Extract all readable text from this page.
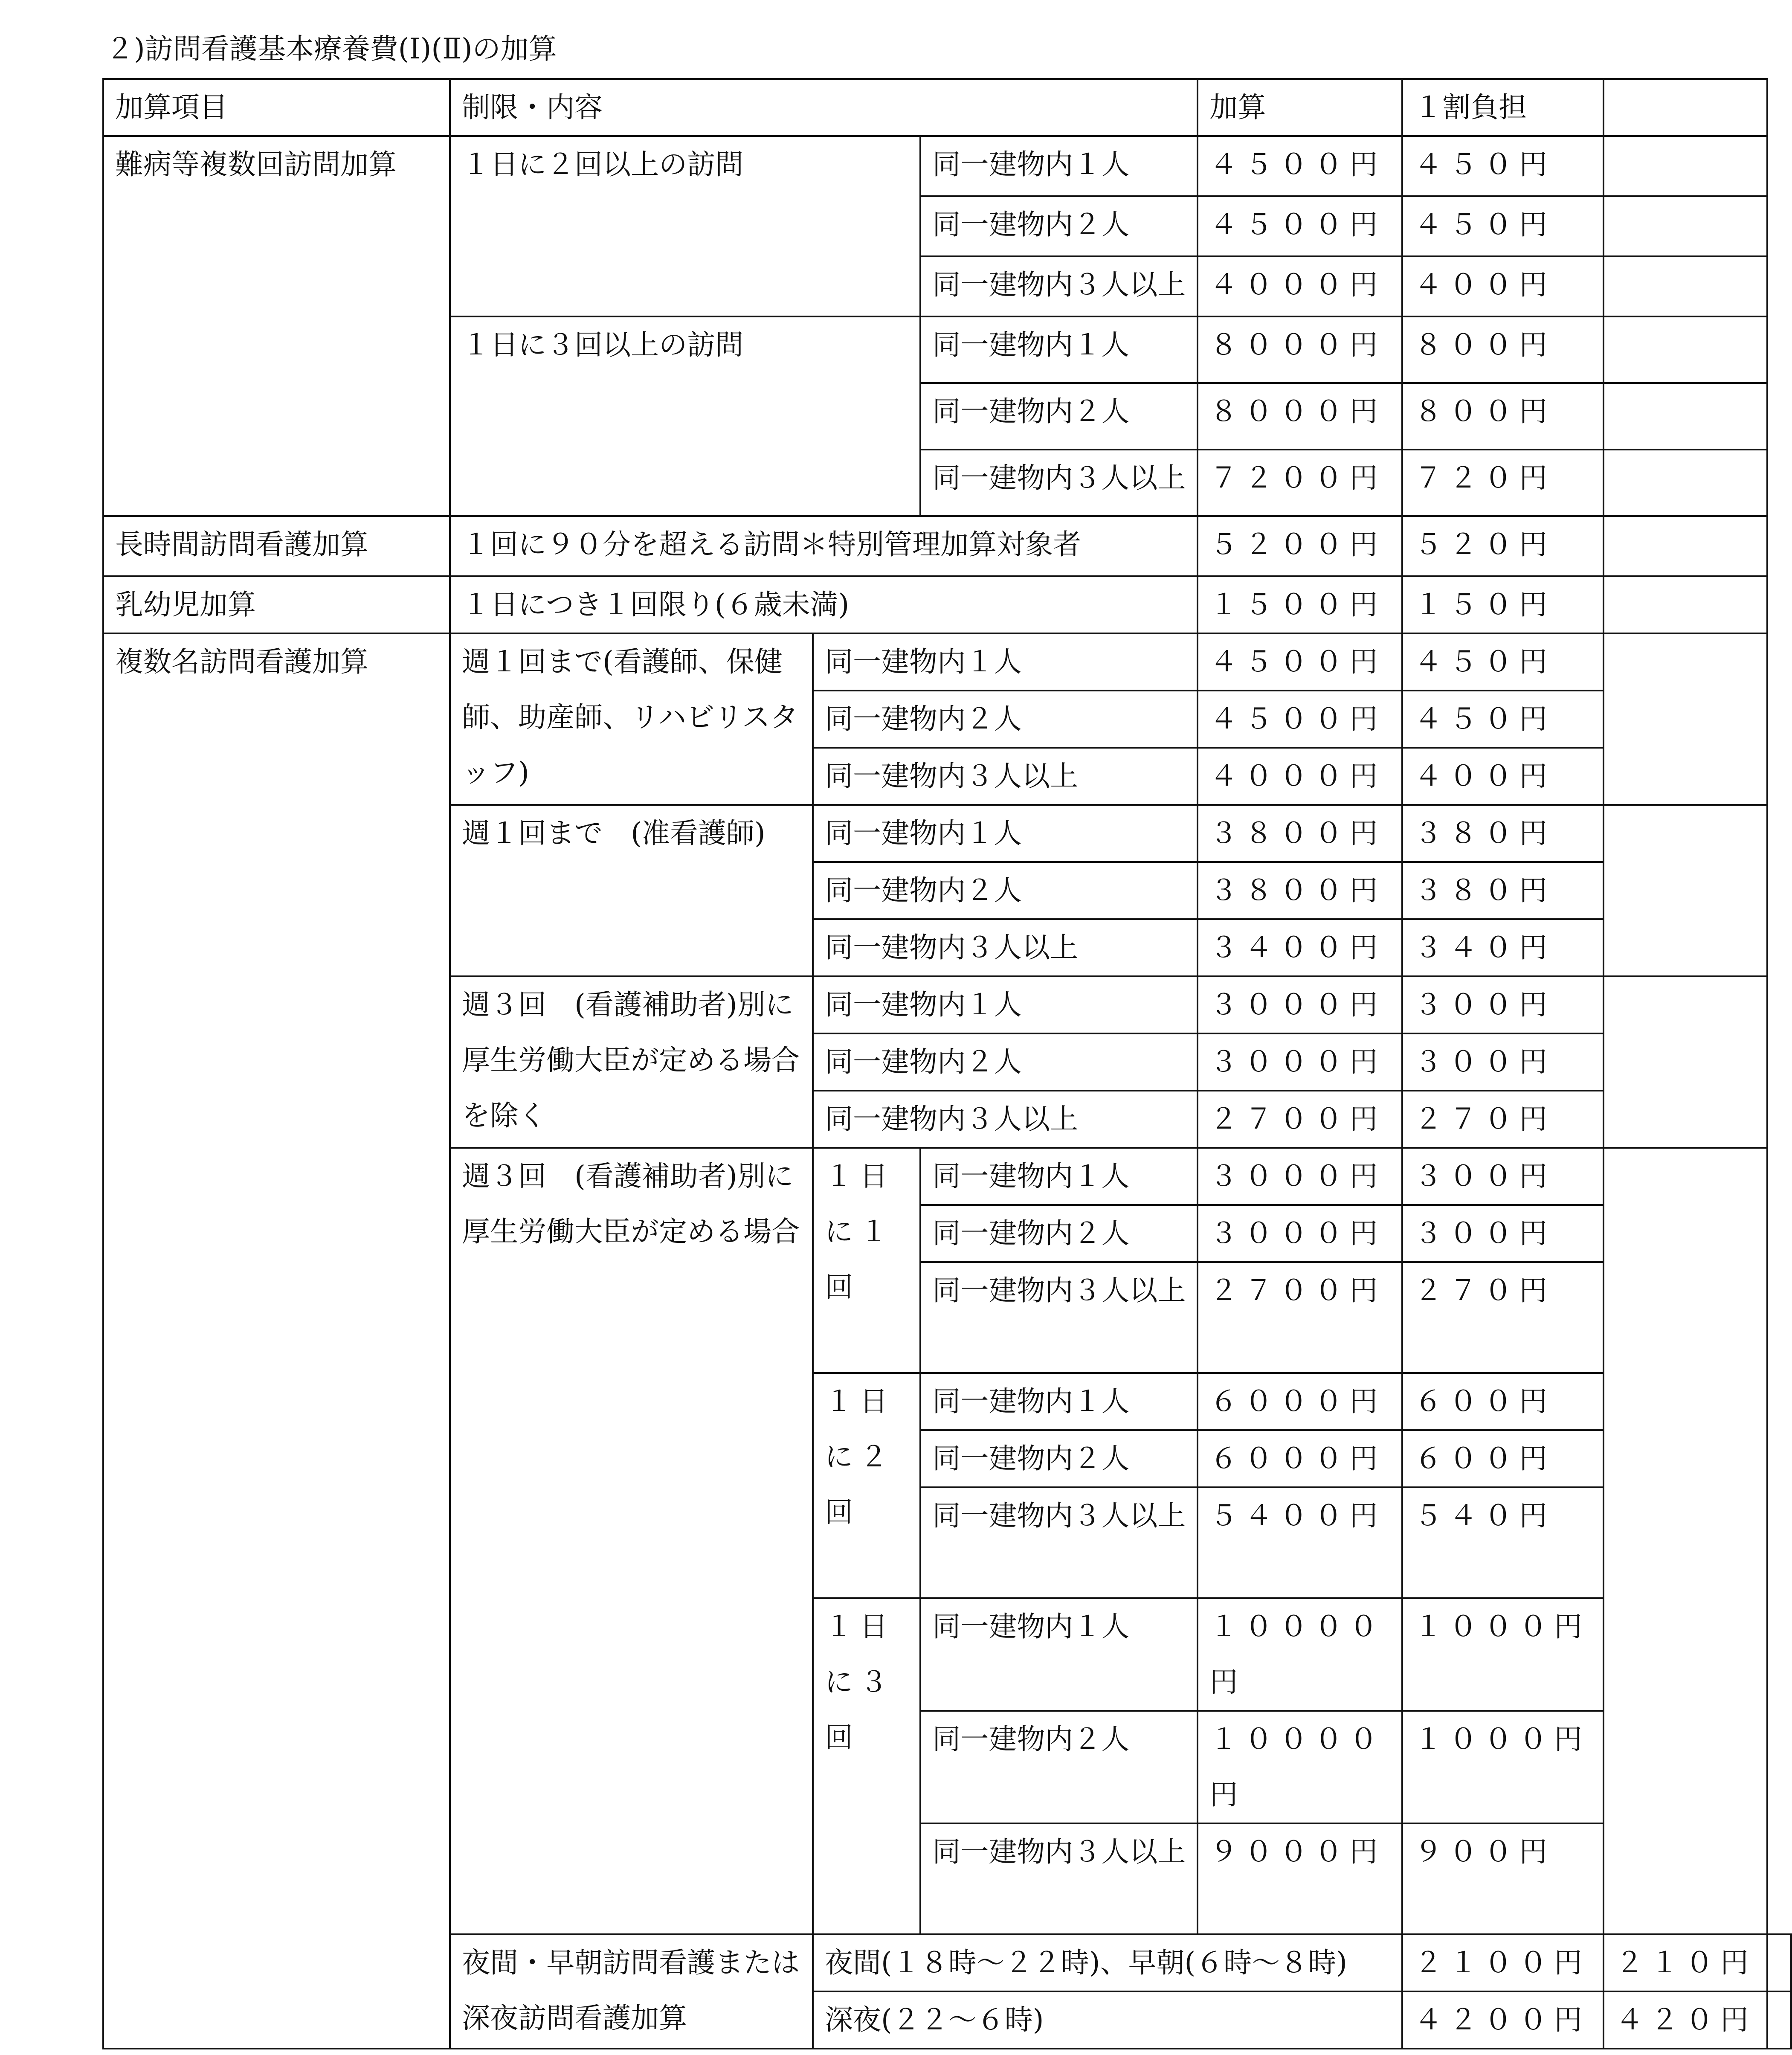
２)訪問看護基本療養費(Ⅰ)(Ⅱ)の加算
加算項目	制限・内容			加算	１割負担		
難病等複数回訪問加算	１日に２回以上の訪問		同一建物内１人	４５００円	４５０円		
			同一建物内２人	４５００円	４５０円		
			同一建物内３人以上	４０００円	４００円		
	１日に３回以上の訪問		同一建物内１人	８０００円	８００円		
			同一建物内２人	８０００円	８００円		
			同一建物内３人以上	７２００円	７２０円		
長時間訪問看護加算	１回に９０分を超える訪問＊特別管理加算対象者			５２００円	５２０円		
乳幼児加算	１日につき１回限り(６歳未満)			１５００円	１５０円		
複数名訪問看護加算	週１回まで(看護師、保健師、助産師、リハビリスタッフ)	同一建物内１人		４５００円	４５０円		
		同一建物内２人		４５００円	４５０円		
		同一建物内３人以上		４０００円	４００円		
	週１回まで　(准看護師)	同一建物内１人		３８００円	３８０円		
		同一建物内２人		３８００円	３８０円		
		同一建物内３人以上		３４００円	３４０円		
	週３回　(看護補助者)別に厚生労働大臣が定める場合を除く	同一建物内１人		３０００円	３００円		
		同一建物内２人		３０００円	３００円		
		同一建物内３人以上		２７００円	２７０円		
	週３回　(看護補助者)別に厚生労働大臣が定める場合	１日に１回	同一建物内１人	３０００円	３００円		
			同一建物内２人	３０００円	３００円		
			同一建物内３人以上	２７００円	２７０円		
		１日に２回	同一建物内１人	６０００円	６００円		
			同一建物内２人	６０００円	６００円		
			同一建物内３人以上	５４００円	５４０円		
		１日に３回	同一建物内１人	１００００円	１０００円		
			同一建物内２人	１００００円	１０００円		
			同一建物内３人以上	９０００円	９００円		
	夜間・早朝訪問看護または深夜訪問看護加算	夜間(１８時～２２時)、早朝(６時～８時)			２１００円	２１０円	
		深夜(２２～６時)			４２００円	４２０円	
